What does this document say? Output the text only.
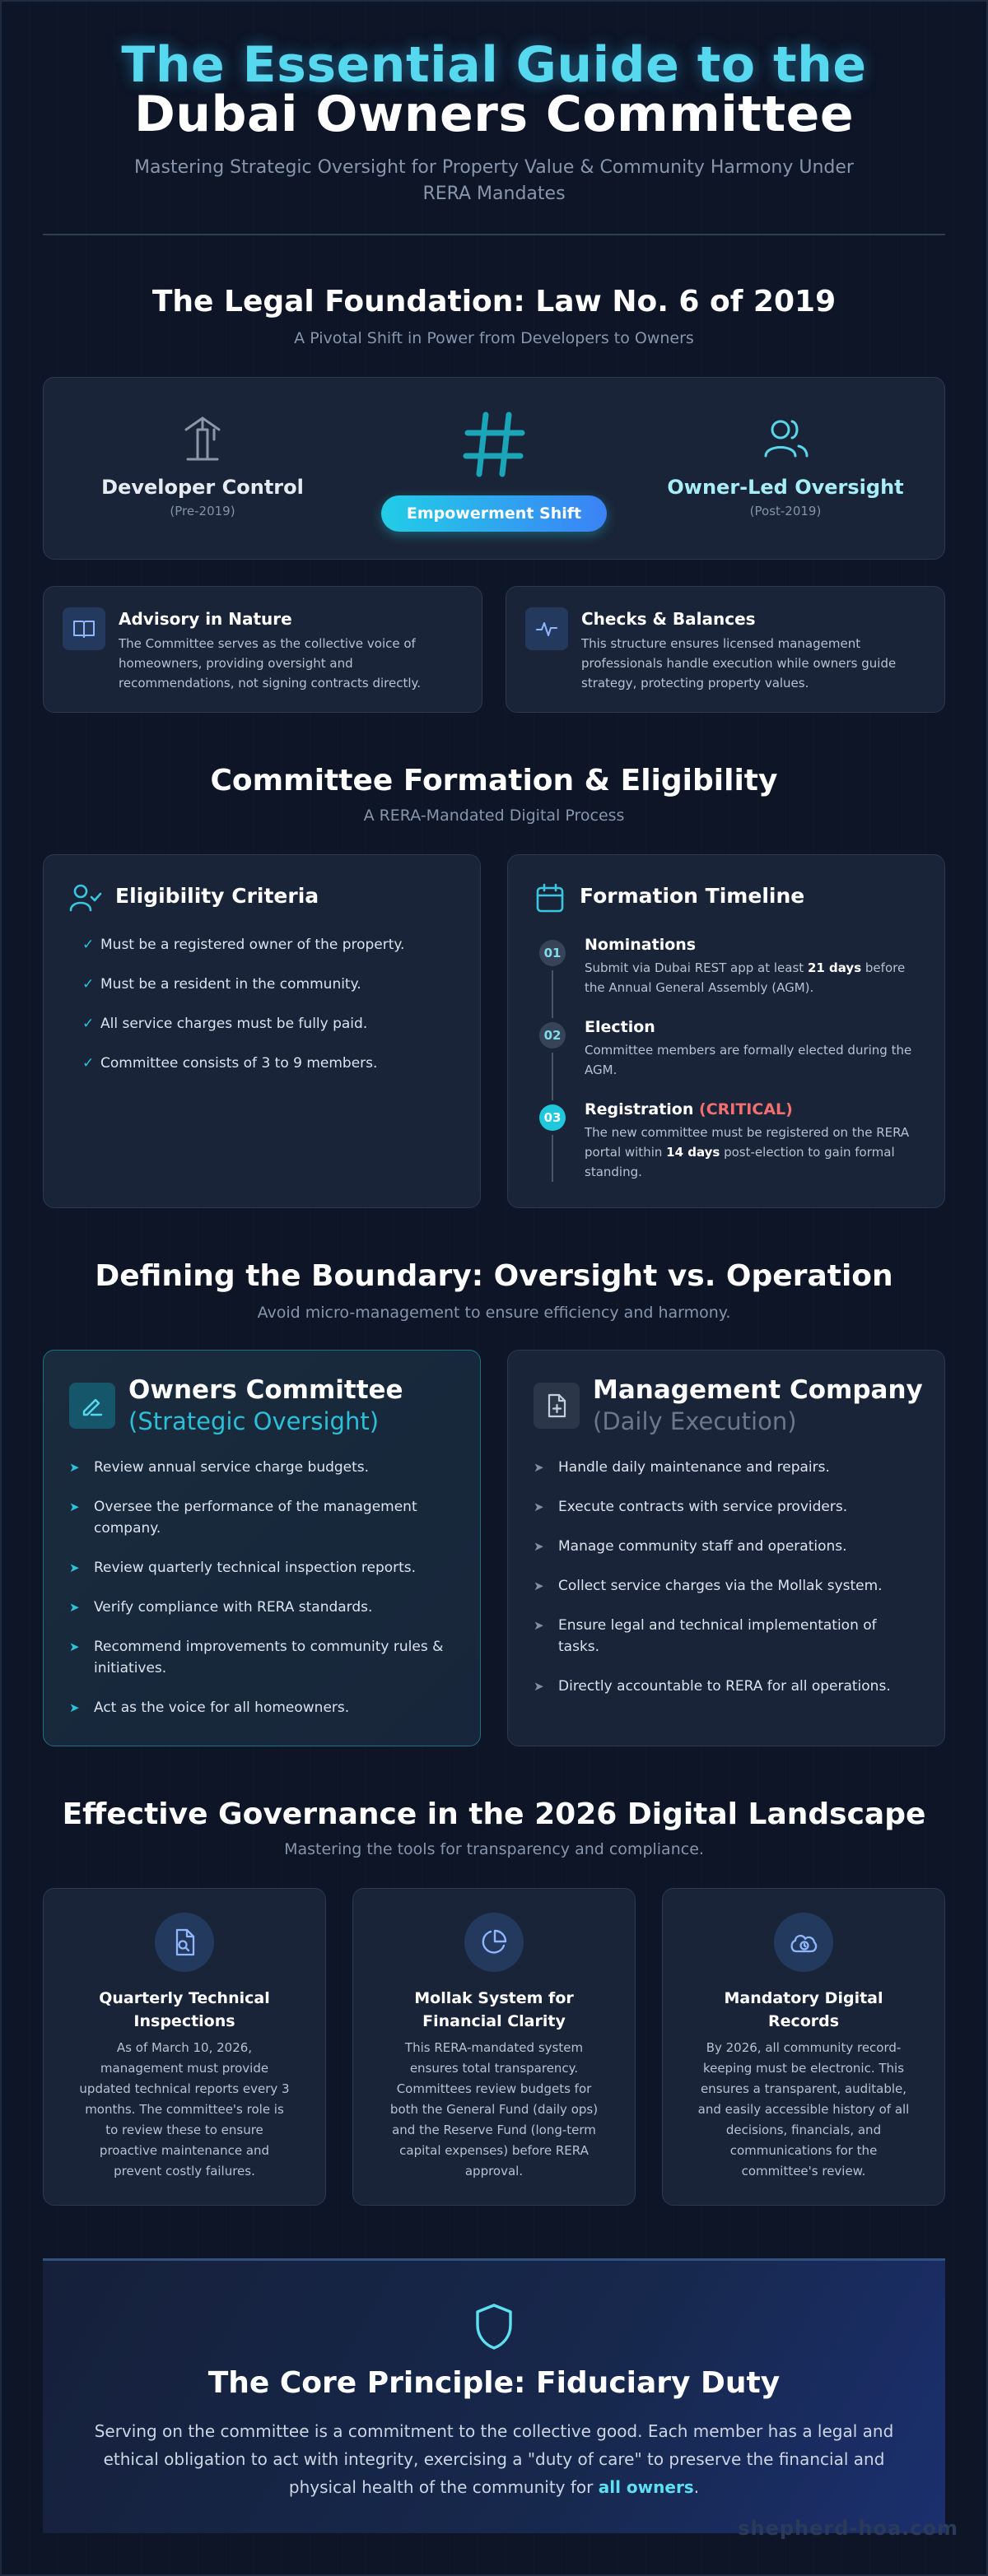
The Essential Guide to the
Dubai Owners Committee
Mastering Strategic Oversight for Property Value & Community Harmony Under RERA Mandates
The Legal Foundation: Law No. 6 of 2019
A Pivotal Shift in Power from Developers to Owners
Developer Control
(Pre-2019)	Empowerment Shift
Owner-Led Oversight
(Post-2019)
Advisory in Nature
The Committee serves as the collective voice of homeowners, providing oversight and recommendations, not signing contracts directly.
Checks & Balances
This structure ensures licensed management professionals handle execution while owners guide strategy, protecting property values.
Committee Formation & Eligibility
A RERA-Mandated Digital Process
Eligibility Criteria
✓ Must be a registered owner of the property.
✓ Must be a resident in the community.
✓ All service charges must be fully paid.
✓ Committee consists of 3 to 9 members.
Formation Timeline
01 Nominations
Submit via Dubai REST app at least 21 days before the Annual General Assembly (AGM).
02 Election
Committee members are formally elected during the AGM.
03 Registration (CRITICAL)
The new committee must be registered on the RERA portal within 14 days post-election to gain formal standing.
Defining the Boundary: Oversight vs. Operation
Avoid micro-management to ensure efficiency and harmony.
Owners Committee
(Strategic Oversight)
➤ Review annual service charge budgets.
➤ Oversee the performance of the management company.
➤ Review quarterly technical inspection reports.
➤ Verify compliance with RERA standards.
➤ Recommend improvements to community rules & initiatives.
➤ Act as the voice for all homeowners.
Management Company
(Daily Execution)
➤ Handle daily maintenance and repairs.
➤ Execute contracts with service providers.
➤ Manage community staff and operations.
➤ Collect service charges via the Mollak system.
➤ Ensure legal and technical implementation of tasks.
➤ Directly accountable to RERA for all operations.
Effective Governance in the 2026 Digital Landscape
Mastering the tools for transparency and compliance.
Quarterly Technical
Inspections
As of March 10, 2026,
management must provide
updated technical reports every 3
months. The committee's role is
to review these to ensure
proactive maintenance and
prevent costly failures.
Mollak System for
Financial Clarity
This RERA-mandated system
ensures total transparency.
Committees review budgets for
both the General Fund (daily ops)
and the Reserve Fund (long-term
capital expenses) before RERA
approval.
Mandatory Digital
Records
By 2026, all community record-
keeping must be electronic. This
ensures a transparent, auditable,
and easily accessible history of all
decisions, financials, and
communications for the
committee's review.
The Core Principle: Fiduciary Duty
Serving on the committee is a commitment to the collective good. Each member has a legal and
ethical obligation to act with integrity, exercising a "duty of care" to preserve the financial and
physical health of the community for all owners.
shepherd-hoa.com
